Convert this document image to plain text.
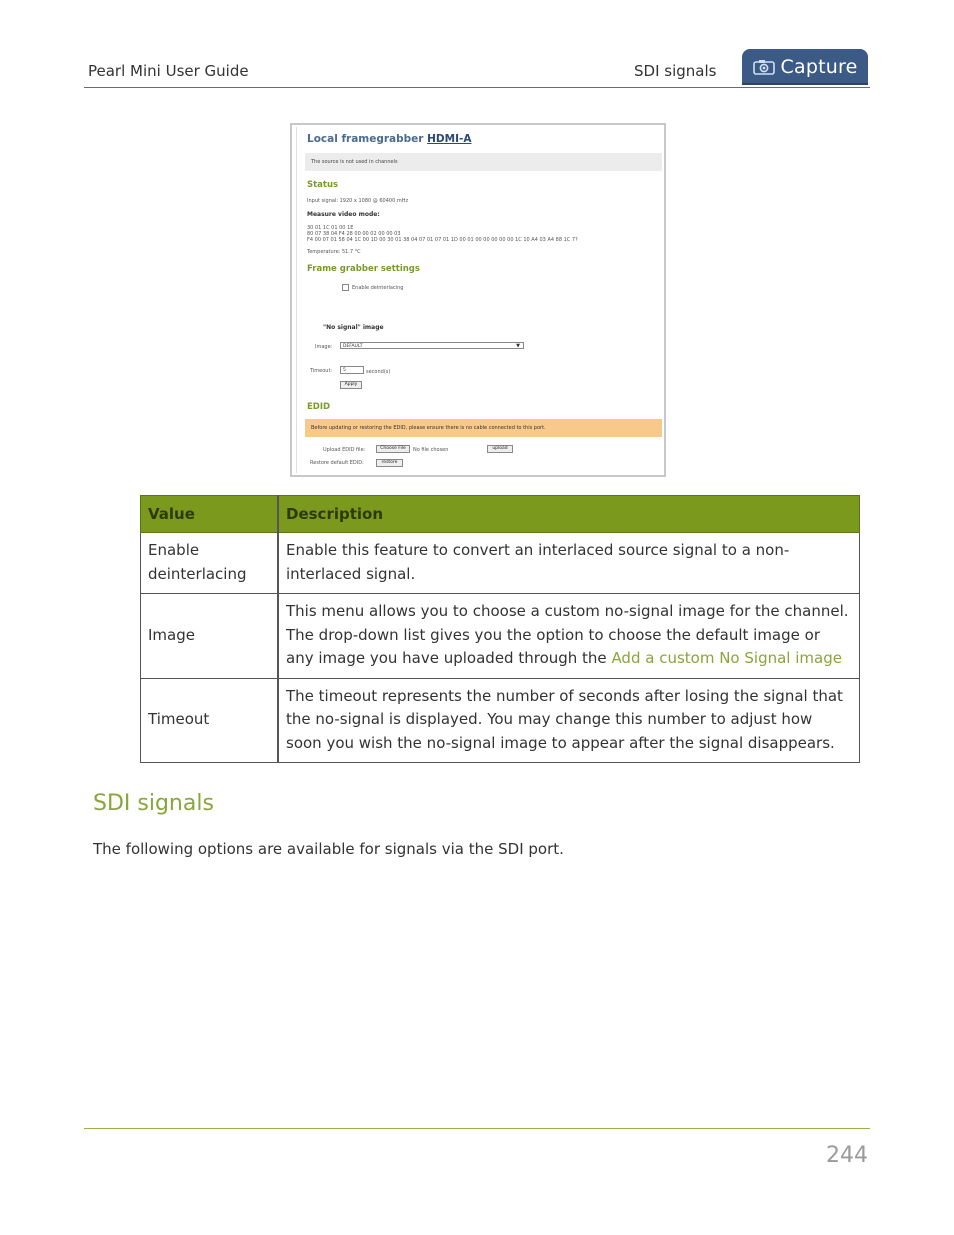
Pearl Mini User Guide	SDI signals	Capture
Local framegrabber HDMI-A
The source is not used in channels
Status
Input signal: 1920 x 1080 @ 60400 mHz
Measure video mode:
30 01 1C 01 00 1E
80 07 38 04 F4 28 00 00 02 00 00 03
F4 00 07 01 58 04 1C 00 1D 00 30 01 38 04 07 01 07 01 1D 00 01 00 00 00 00 00 1C 10 A4 03 A4 88 1C 7?
Temperature: 51.7 °C
Frame grabber settings
Enable deinterlacing
"No signal" image
Image:	DEFAULT	▼
Timeout:	5	second(s)
Apply
EDID
Before updating or restoring the EDID, please ensure there is no cable connected to this port.
Upload EDID file:	Choose File	No file chosen	upload
Restore default EDID:	restore
Value	Description
Enable deinterlacing	Enable this feature to convert an interlaced source signal to a non-interlaced signal.
Image	This menu allows you to choose a custom no-signal image for the channel. The drop-down list gives you the option to choose the default image or any image you have uploaded through the Add a custom No Signal image
Timeout	The timeout represents the number of seconds after losing the signal that the no-signal is displayed. You may change this number to adjust how soon you wish the no-signal image to appear after the signal disappears.
SDI signals
The following options are available for signals via the SDI port.
244
